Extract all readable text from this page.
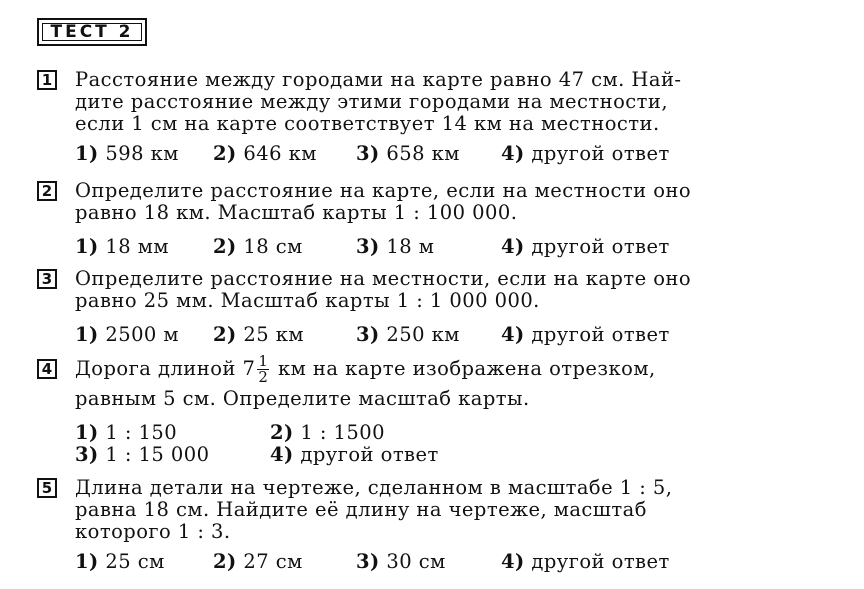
ТЕСТ 2
1 Расстояние между городами на карте равно 47 см. Най-
дите расстояние между этими городами на местности,
если 1 см на карте соответствует 14 км на местности.
1) 598 км 2) 646 км 3) 658 км 4) другой ответ
2 Определите расстояние на карте, если на местности оно
равно 18 км. Масштаб карты 1 : 100 000.
1) 18 мм 2) 18 см	3) 18 м	4) другой ответ
3 Определите расстояние на местности, если на карте оно
равно 25 мм. Масштаб карты 1 : 1 000 000.
1) 2500 м 2) 25 км	3) 250 км 4) другой ответ
4 Дорога длиной $7 \frac{1}{2}$ км на карте изображена отрезком,
равным 5 см. Определите масштаб карты.
1) 1 : 150	2) 1 : 1500
3) 1 : 15 000	4) другой ответ
5 Длина детали на чертеже, сделанном в масштабе 1 : 5,
равна 18 см. Найдите её длину на чертеже, масштаб
которого 1 : 3.
1) 25 см 2) 27 см	3) 30 см	4) другой ответ
